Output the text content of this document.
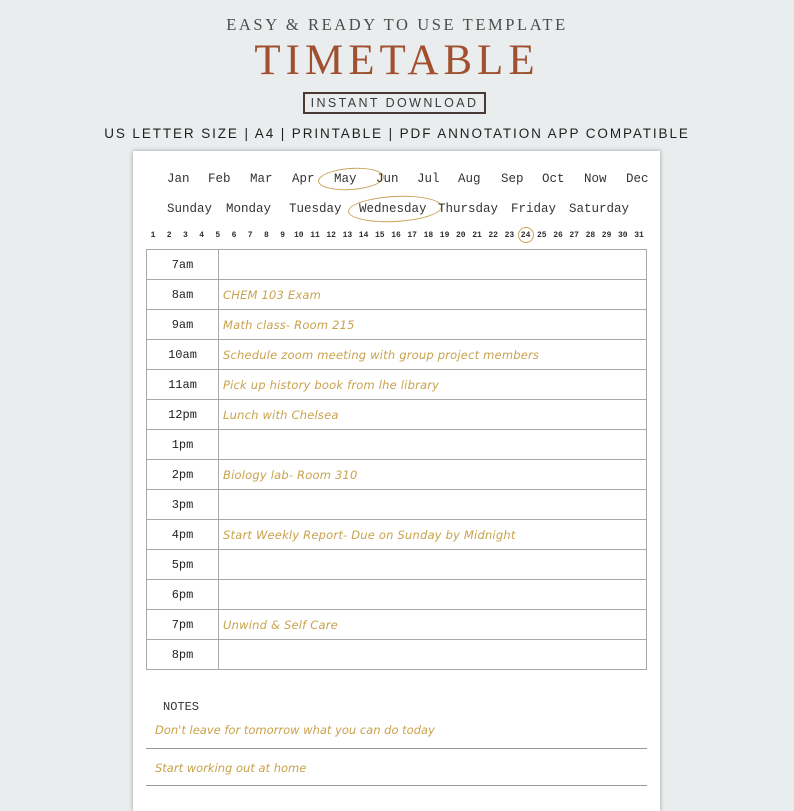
EASY & READY TO USE TEMPLATE
TIMETABLE
INSTANT DOWNLOAD
US LETTER SIZE | A4 | PRINTABLE | PDF ANNOTATION APP COMPATIBLE
Jan Feb Mar Apr May Jun Jul Aug Sep Oct Now Dec
Sunday Monday Tuesday Wednesday Thursday Friday Saturday
1	2	3	4	5	6	7	8	9	10 11 12 13 14 15 16 17 18 19 20 21 22 23 24 25 26 27 28 29 30 31
7am	
8am	CHEM 103 Exam
9am	Math class- Room 215
10am	Schedule zoom meeting with group project members
11am	Pick up history book from lhe library
12pm	Lunch with Chelsea
1pm	
2pm	Biology lab- Room 310
3pm	
4pm	Start Weekly Report- Due on Sunday by Midnight
5pm	
6pm	
7pm	Unwind & Self Care
8pm	
NOTES
Don't leave for tomorrow what you can do today
Start working out at home
